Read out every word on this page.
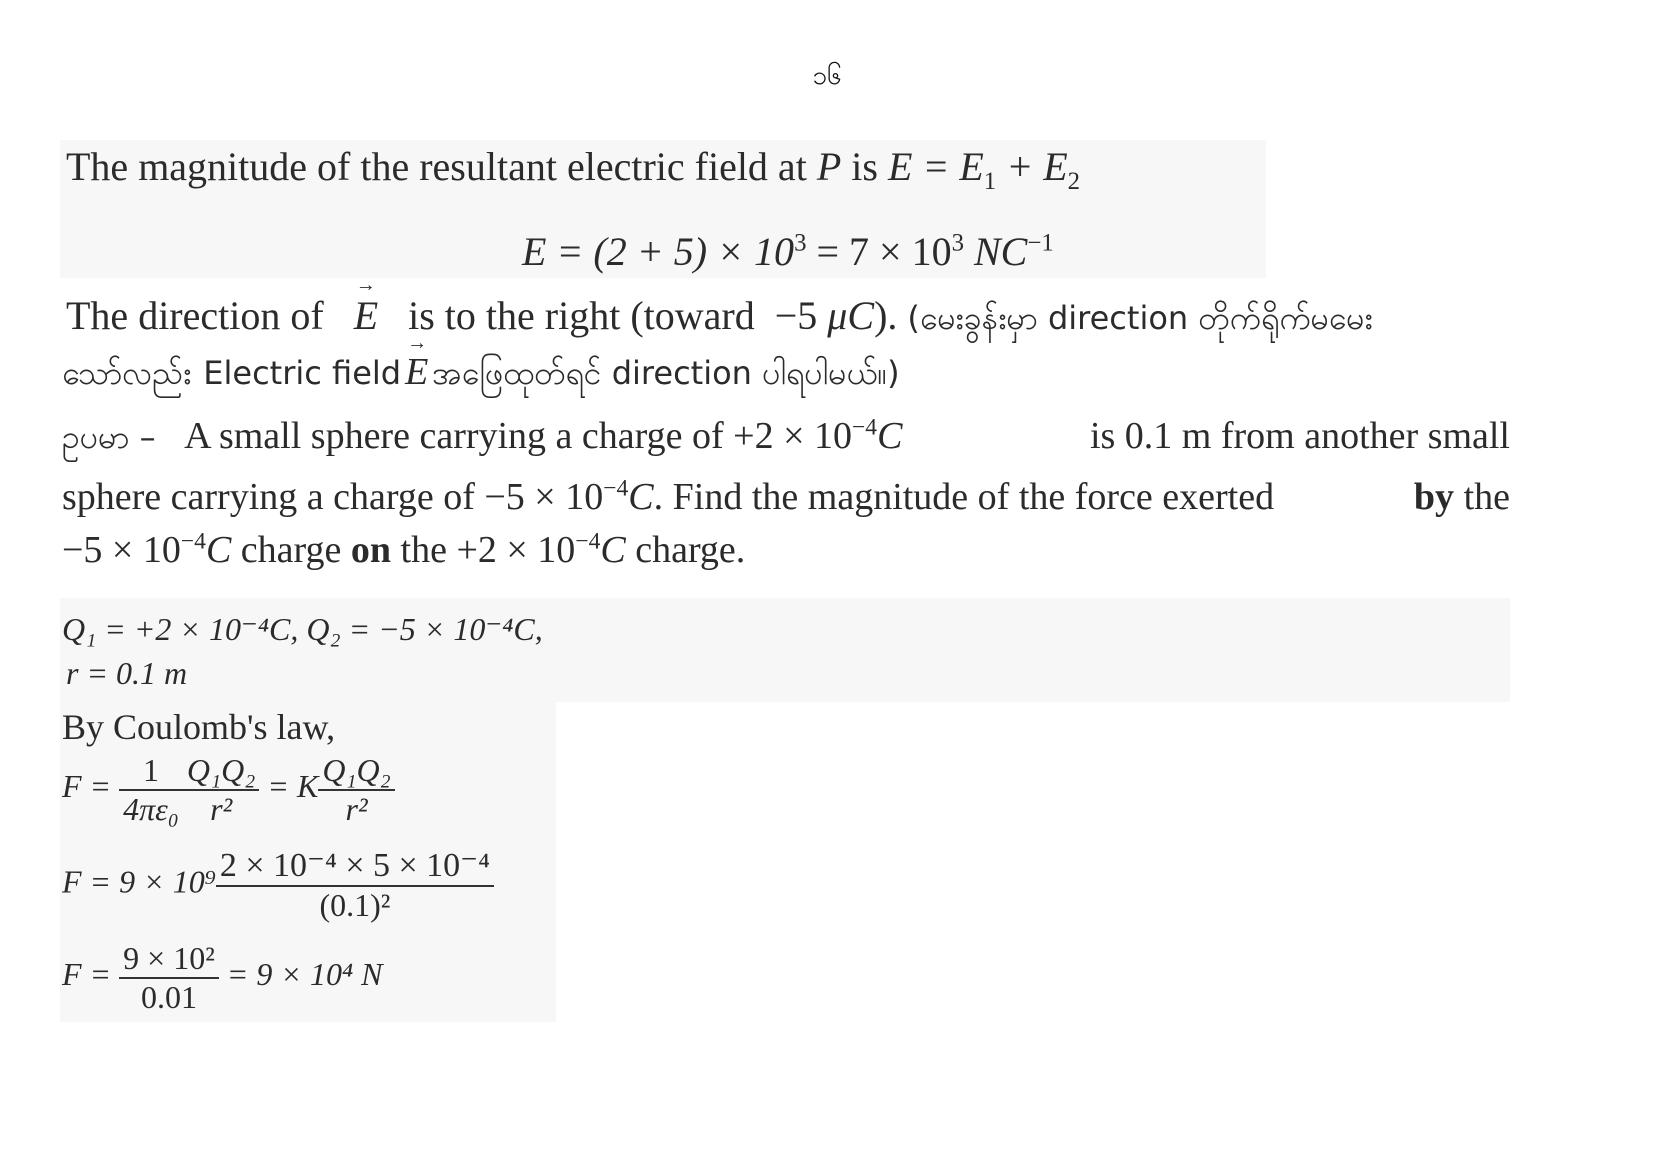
၁၆
The magnitude of the resultant electric field at P is $E = E_1 + E_2$
$E = (2 + 5) \times 10^3 = 7 \times 10^3$ $NC^{-1}$
The direction of → E is to the right (toward −5 μC). (မေးခွန်းမှာ direction တိုက်ရိုက်မမေး
သော်လည်း Electric field → E အဖြေထုတ်ရင် direction ပါရပါမယ်။)
ဥပမာ – A small sphere carrying a charge of $+2 \times 10^{-4}C$	is 0.1 m from another small
sphere carrying a charge of $-5 \times 10^{-4}C$. Find the magnitude of the force exerted	by the
$-5 \times 10^{-4}C$ charge on the $+2 \times 10^{-4}C$ charge.
Q₁ = +2 × 10⁻⁴C, Q₂ = −5 × 10⁻⁴C,
r = 0.1 m
By Coulomb's law,
$F = \frac{1}{\text{4πε₀}} \frac{\text{Q₁Q₂}}{\text{r²}} = K \frac{\text{Q₁Q₂}}{\text{r²}}$
$F = 9 \times 10^9 \frac{\text{2 × 10⁻⁴ × 5 × 10⁻⁴}}{\text{(0.1)²}}$
$F = \frac{\text{9 × 10²}}{0.01} = 9 \times 10^4$ N
